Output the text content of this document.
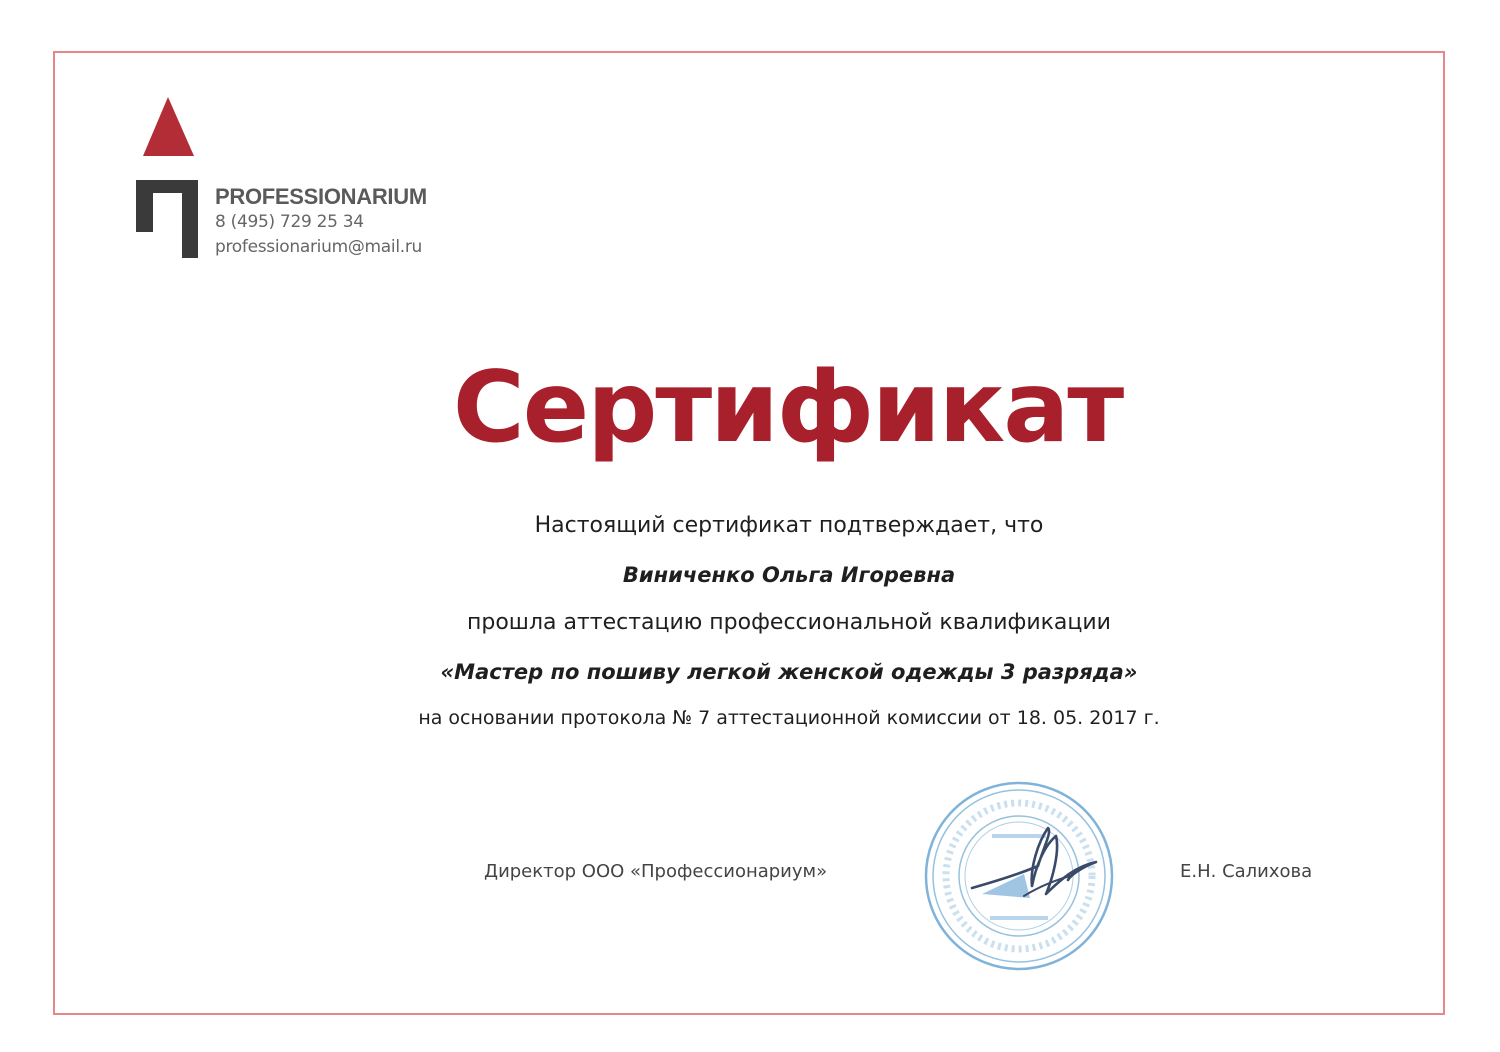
PROFESSIONARIUM
8 (495) 729 25 34
professionarium@mail.ru
Сертификат
Настоящий сертификат подтверждает, что
Виниченко Ольга Игоревна
прошла аттестацию профессиональной квалификации
«Мастер по пошиву легкой женской одежды 3 разряда»
на основании протокола № 7 аттестационной комиссии от 18. 05. 2017 г.
Директор ООО «Профессионариум»	Е.Н. Салихова
